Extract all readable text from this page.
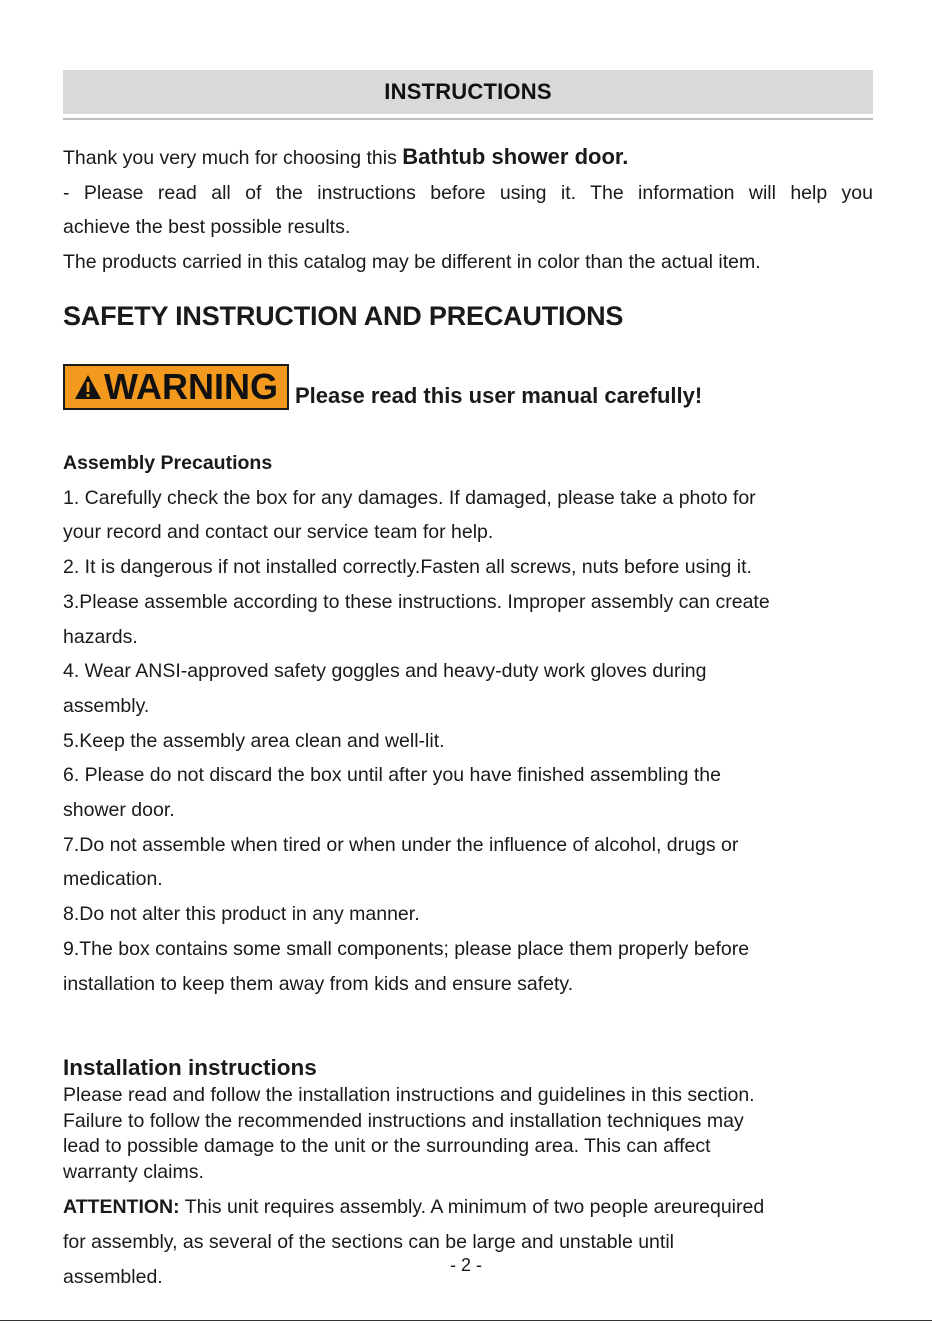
INSTRUCTIONS

Thank you very much for choosing this Bathtub shower door.

- Please read all of the instructions before using it. The information will help you

achieve the best possible results.

The products carried in this catalog may be different in color than the actual item.

SAFETY INSTRUCTION AND PRECAUTIONS
WARNING Please read this user manual carefully!

Assembly Precautions

1. Carefully check the box for any damages. If damaged, please take a photo for

your record and contact our service team for help.

2. It is dangerous if not installed correctly.Fasten all screws, nuts before using it.

3.Please assemble according to these instructions. Improper assembly can create

hazards.

4. Wear ANSI-approved safety goggles and heavy-duty work gloves during

assembly.

5.Keep the assembly area clean and well-lit.

6. Please do not discard the box until after you have finished assembling the

shower door.

7.Do not assemble when tired or when under the influence of alcohol, drugs or

medication.

8.Do not alter this product in any manner.

9.The box contains some small components; please place them properly before

installation to keep them away from kids and ensure safety.

Installation instructions

Please read and follow the installation instructions and guidelines in this section.

Failure to follow the recommended instructions and installation techniques may

lead to possible damage to the unit or the surrounding area. This can affect

warranty claims.

ATTENTION: This unit requires assembly. A minimum of two people areurequired

for assembly, as several of the sections can be large and unstable until

assembled.

- 2 -
